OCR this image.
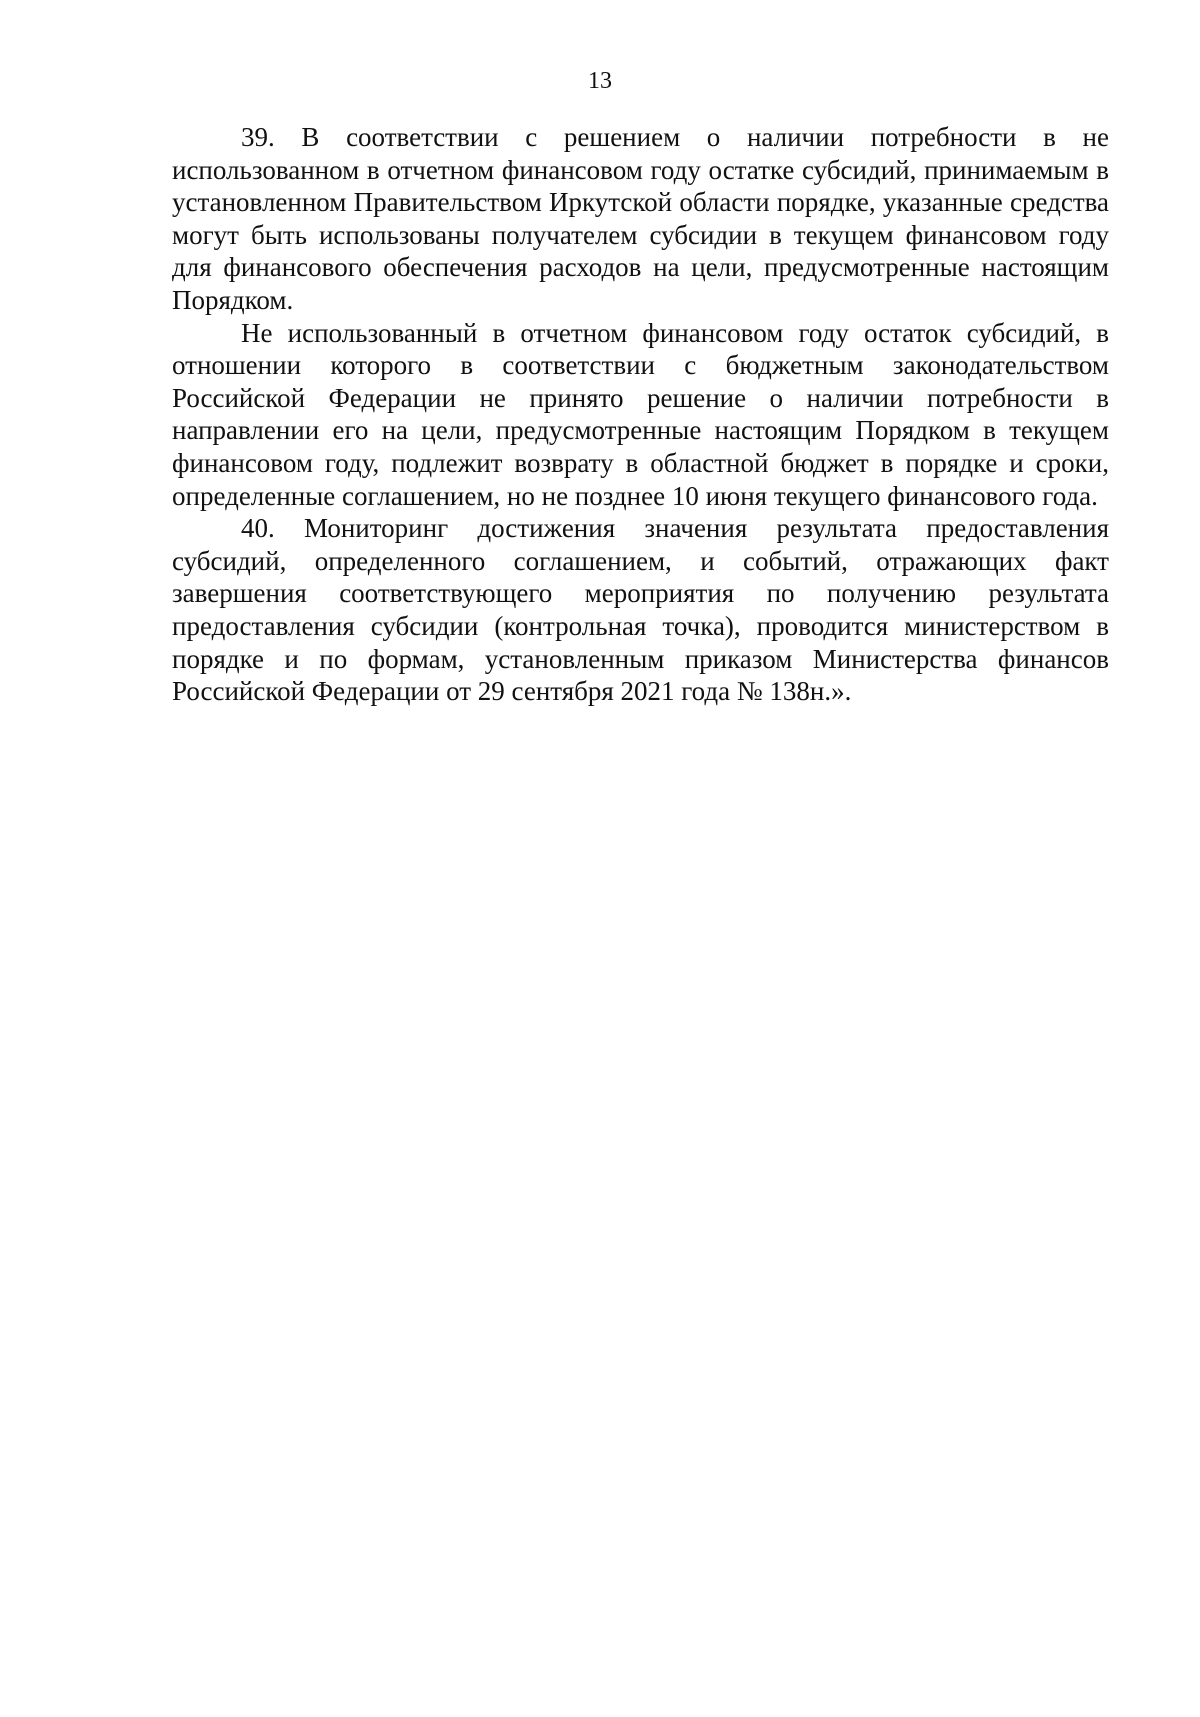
13

39. В соответствии с решением о наличии потребности в не использованном в отчетном финансовом году остатке субсидий, принимаемым в установленном Правительством Иркутской области порядке, указанные средства могут быть использованы получателем субсидии в текущем финансовом году для финансового обеспечения расходов на цели, предусмотренные настоящим Порядком.

Не использованный в отчетном финансовом году остаток субсидий, в отношении которого в соответствии с бюджетным законодательством Российской Федерации не принято решение о наличии потребности в направлении его на цели, предусмотренные настоящим Порядком в текущем финансовом году, подлежит возврату в областной бюджет в порядке и сроки, определенные соглашением, но не позднее 10 июня текущего финансового года.

40. Мониторинг достижения значения результата предоставления субсидий, определенного соглашением, и событий, отражающих факт завершения соответствующего мероприятия по получению результата предоставления субсидии (контрольная точка), проводится министерством в порядке и по формам, установленным приказом Министерства финансов Российской Федерации от 29 сентября 2021 года № 138н.».
